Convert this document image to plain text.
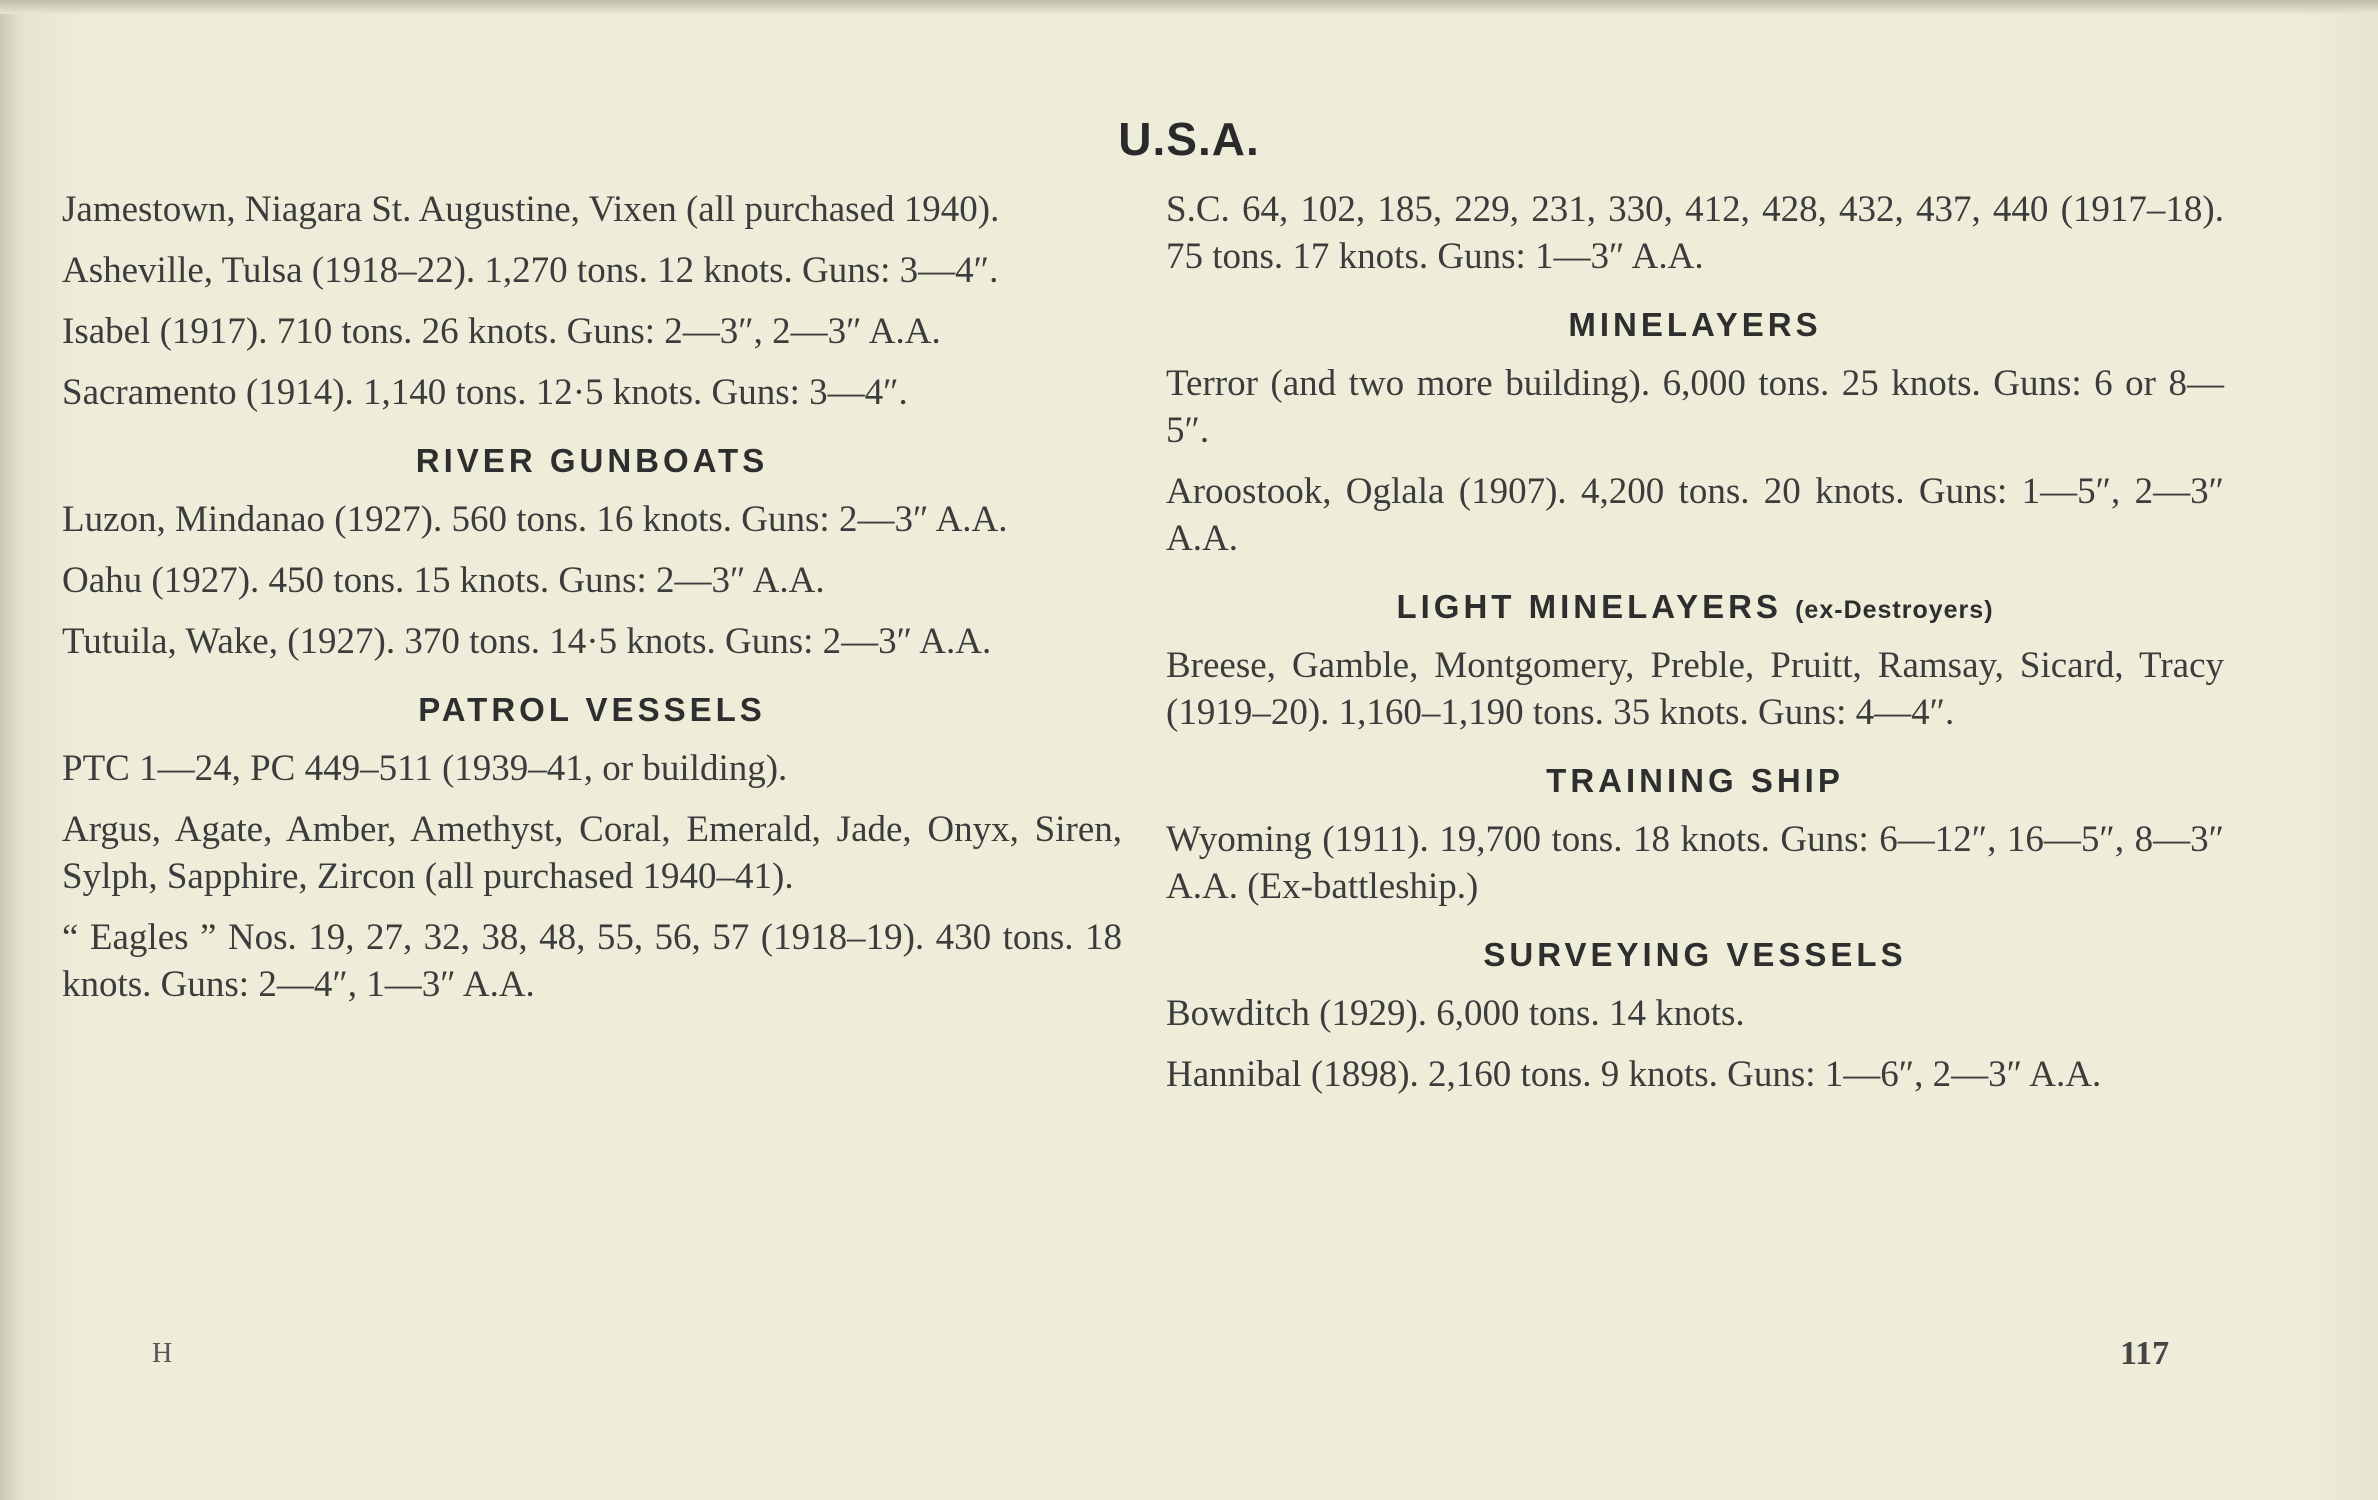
U.S.A.

Jamestown, Niagara St. Augustine, Vixen (all purchased 1940).

Asheville, Tulsa (1918–22). 1,270 tons. 12 knots. Guns: 3—4″.

Isabel (1917). 710 tons. 26 knots. Guns: 2—3″, 2—3″ A.A.

Sacramento (1914). 1,140 tons. 12·5 knots. Guns: 3—4″.

RIVER GUNBOATS

Luzon, Mindanao (1927). 560 tons. 16 knots. Guns: 2—3″ A.A.

Oahu (1927). 450 tons. 15 knots. Guns: 2—3″ A.A.

Tutuila, Wake, (1927). 370 tons. 14·5 knots. Guns: 2—3″ A.A.

PATROL VESSELS

PTC 1—24, PC 449–511 (1939–41, or building).

Argus, Agate, Amber, Amethyst, Coral, Emerald, Jade, Onyx, Siren, Sylph, Sapphire, Zircon (all purchased 1940–41).

“ Eagles ” Nos. 19, 27, 32, 38, 48, 55, 56, 57 (1918–19). 430 tons. 18 knots. Guns: 2—4″, 1—3″ A.A.

S.C. 64, 102, 185, 229, 231, 330, 412, 428, 432, 437, 440 (1917–18). 75 tons. 17 knots. Guns: 1—3″ A.A.

MINELAYERS

Terror (and two more building). 6,000 tons. 25 knots. Guns: 6 or 8—5″.

Aroostook, Oglala (1907). 4,200 tons. 20 knots. Guns: 1—5″, 2—3″ A.A.

LIGHT MINELAYERS (ex-Destroyers)

Breese, Gamble, Montgomery, Preble, Pruitt, Ramsay, Sicard, Tracy (1919–20). 1,160–1,190 tons. 35 knots. Guns: 4—4″.

TRAINING SHIP

Wyoming (1911). 19,700 tons. 18 knots. Guns: 6—12″, 16—5″, 8—3″ A.A. (Ex-battleship.)

SURVEYING VESSELS

Bowditch (1929). 6,000 tons. 14 knots.

Hannibal (1898). 2,160 tons. 9 knots. Guns: 1—6″, 2—3″ A.A.

H	117
